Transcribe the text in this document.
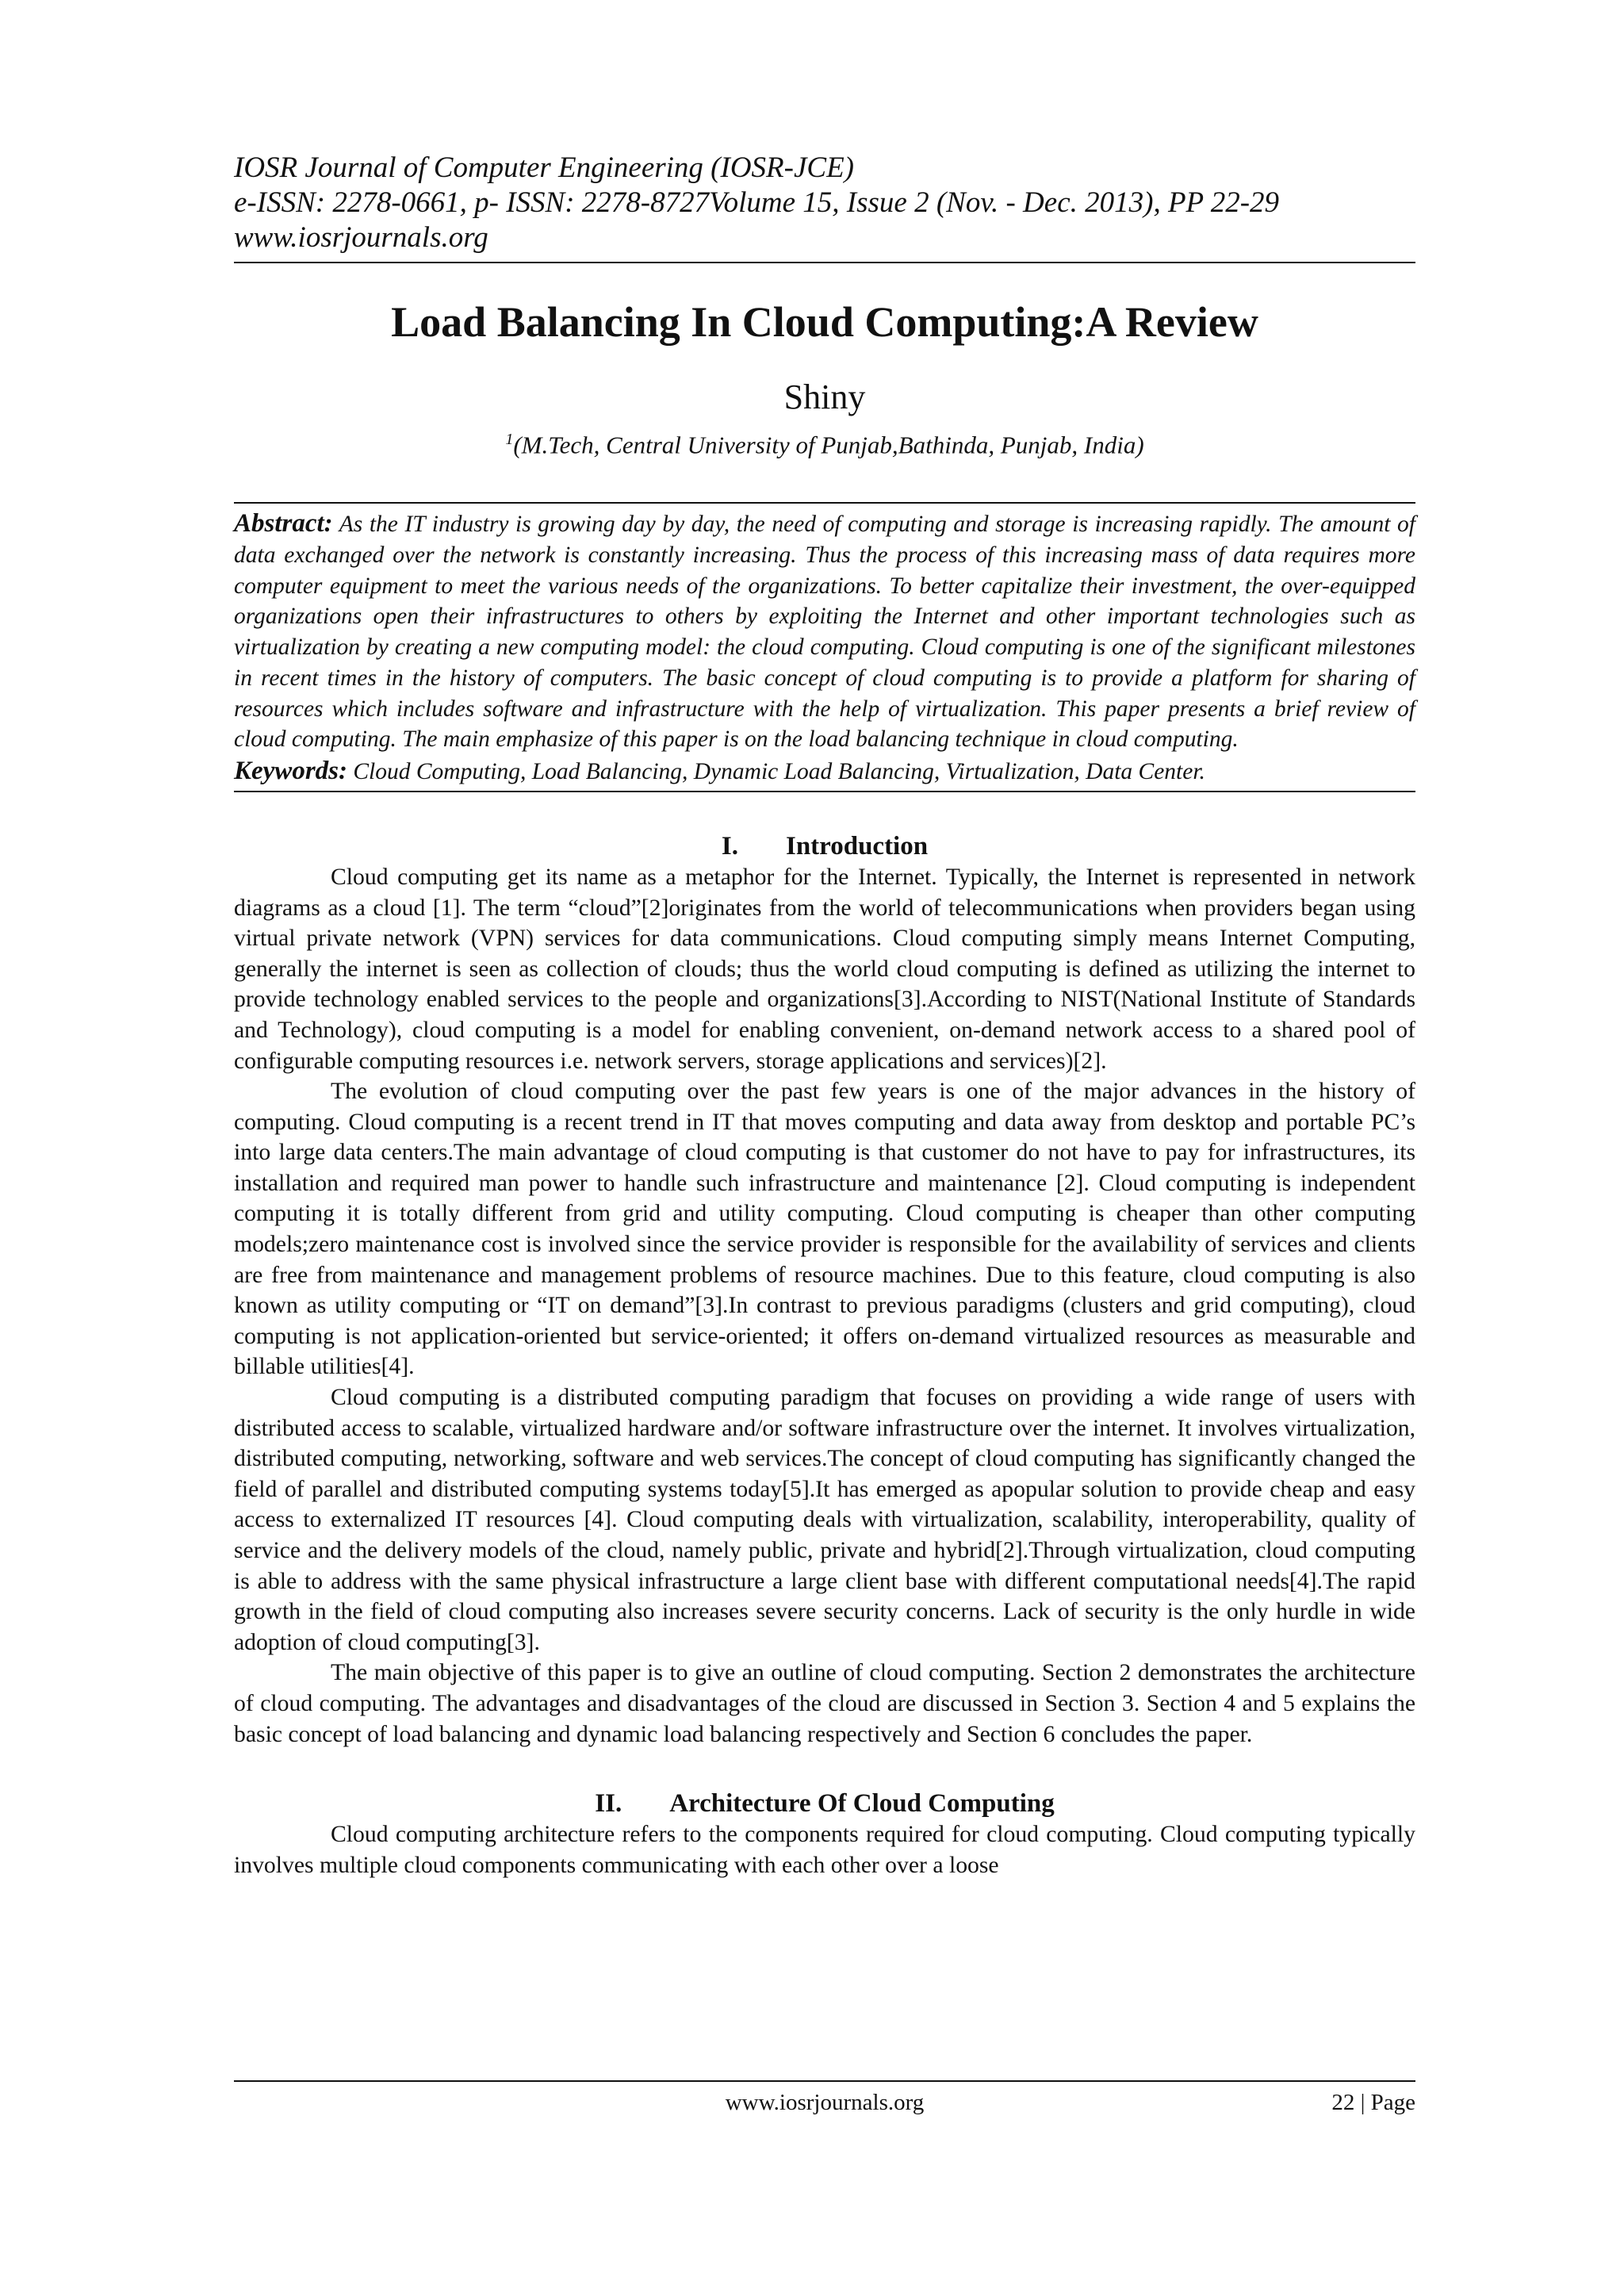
IOSR Journal of Computer Engineering (IOSR-JCE)
e-ISSN: 2278-0661, p- ISSN: 2278-8727Volume 15, Issue 2 (Nov. - Dec. 2013), PP 22-29
www.iosrjournals.org
Load Balancing In Cloud Computing:A Review
Shiny
$^1$(M.Tech, Central University of Punjab,Bathinda, Punjab, India)

Abstract: As the IT industry is growing day by day, the need of computing and storage is increasing rapidly. The amount of data exchanged over the network is constantly increasing. Thus the process of this increasing mass of data requires more computer equipment to meet the various needs of the organizations. To better capitalize their investment, the over-equipped organizations open their infrastructures to others by exploiting the Internet and other important technologies such as virtualization by creating a new computing model: the cloud computing. Cloud computing is one of the significant milestones in recent times in the history of computers. The basic concept of cloud computing is to provide a platform for sharing of resources which includes software and infrastructure with the help of virtualization. This paper presents a brief review of cloud computing. The main emphasize of this paper is on the load balancing technique in cloud computing.

Keywords: Cloud Computing, Load Balancing, Dynamic Load Balancing, Virtualization, Data Center.

I. Introduction

Cloud computing get its name as a metaphor for the Internet. Typically, the Internet is represented in network diagrams as a cloud [1]. The term “cloud”[2]originates from the world of telecommunications when providers began using virtual private network (VPN) services for data communications. Cloud computing simply means Internet Computing, generally the internet is seen as collection of clouds; thus the world cloud computing is defined as utilizing the internet to provide technology enabled services to the people and organizations[3].According to NIST(National Institute of Standards and Technology), cloud computing is a model for enabling convenient, on-demand network access to a shared pool of configurable computing resources i.e. network servers, storage applications and services)[2].

The evolution of cloud computing over the past few years is one of the major advances in the history of computing. Cloud computing is a recent trend in IT that moves computing and data away from desktop and portable PC’s into large data centers.The main advantage of cloud computing is that customer do not have to pay for infrastructures, its installation and required man power to handle such infrastructure and maintenance [2]. Cloud computing is independent computing it is totally different from grid and utility computing. Cloud computing is cheaper than other computing models;zero maintenance cost is involved since the service provider is responsible for the availability of services and clients are free from maintenance and management problems of resource machines. Due to this feature, cloud computing is also known as utility computing or “IT on demand”[3].In contrast to previous paradigms (clusters and grid computing), cloud computing is not application-oriented but service-oriented; it offers on-demand virtualized resources as measurable and billable utilities[4].

Cloud computing is a distributed computing paradigm that focuses on providing a wide range of users with distributed access to scalable, virtualized hardware and/or software infrastructure over the internet. It involves virtualization, distributed computing, networking, software and web services.The concept of cloud computing has significantly changed the field of parallel and distributed computing systems today[5].It has emerged as apopular solution to provide cheap and easy access to externalized IT resources [4]. Cloud computing deals with virtualization, scalability, interoperability, quality of service and the delivery models of the cloud, namely public, private and hybrid[2].Through virtualization, cloud computing is able to address with the same physical infrastructure a large client base with different computational needs[4].The rapid growth in the field of cloud computing also increases severe security concerns. Lack of security is the only hurdle in wide adoption of cloud computing[3].

The main objective of this paper is to give an outline of cloud computing. Section 2 demonstrates the architecture of cloud computing. The advantages and disadvantages of the cloud are discussed in Section 3. Section 4 and 5 explains the basic concept of load balancing and dynamic load balancing respectively and Section 6 concludes the paper.

II. Architecture Of Cloud Computing

Cloud computing architecture refers to the components required for cloud computing. Cloud computing typically involves multiple cloud components communicating with each other over a loose

www.iosrjournals.org	22 | Page
